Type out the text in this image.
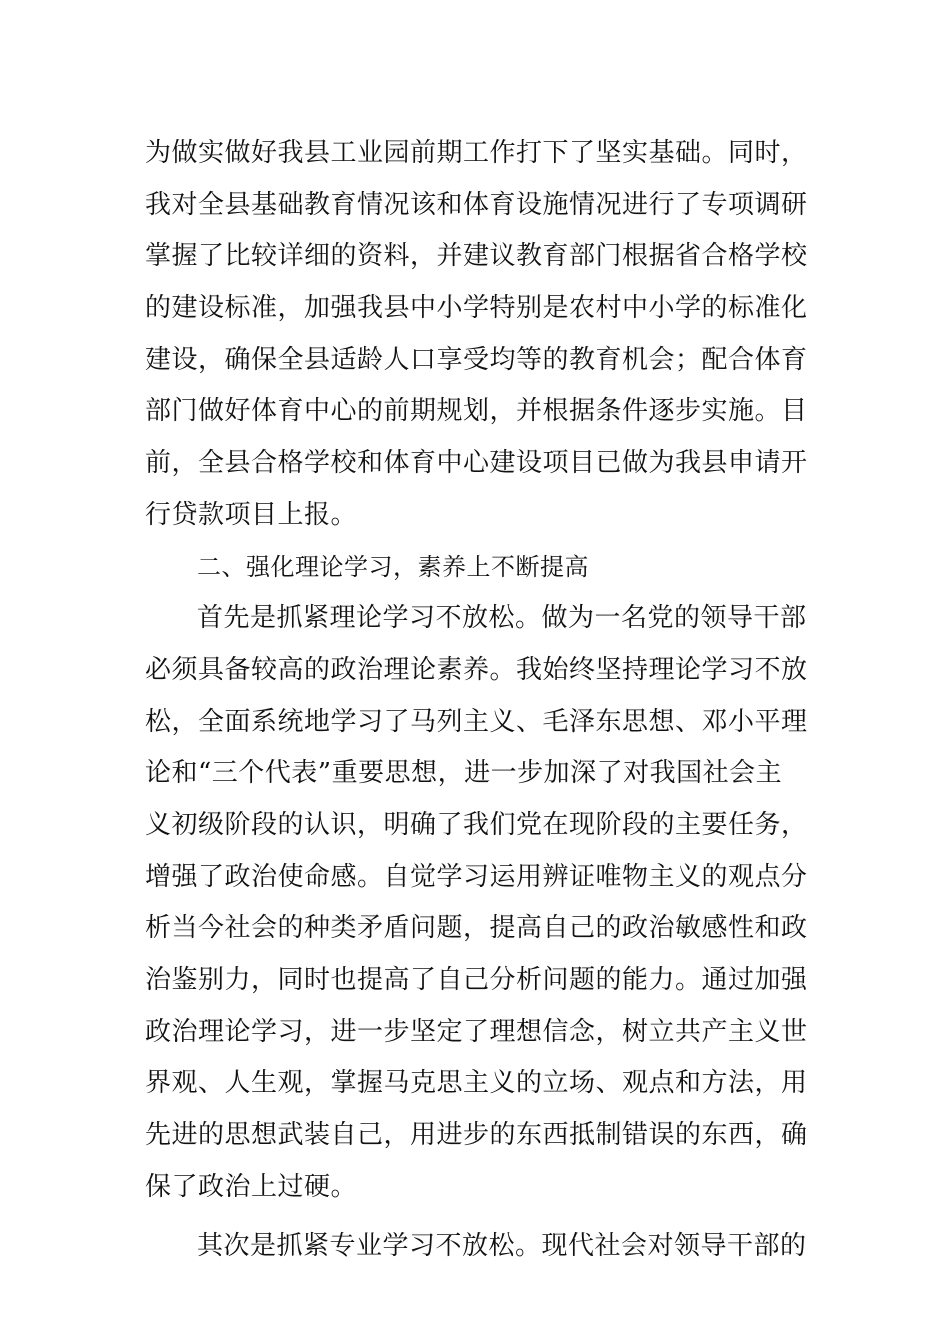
为做实做好我县工业园前期工作打下了坚实基础。同时，
我对全县基础教育情况该和体育设施情况进行了专项调研
掌握了比较详细的资料，并建议教育部门根据省合格学校
的建设标准，加强我县中小学特别是农村中小学的标准化
建设，确保全县适龄人口享受均等的教育机会；配合体育
部门做好体育中心的前期规划，并根据条件逐步实施。目
前，全县合格学校和体育中心建设项目已做为我县申请开
行贷款项目上报。
二、强化理论学习，素养上不断提高
首先是抓紧理论学习不放松。做为一名党的领导干部
必须具备较高的政治理论素养。我始终坚持理论学习不放
松，全面系统地学习了马列主义、毛泽东思想、邓小平理
论和“三个代表”重要思想，进一步加深了对我国社会主
义初级阶段的认识，明确了我们党在现阶段的主要任务，
增强了政治使命感。自觉学习运用辨证唯物主义的观点分
析当今社会的种类矛盾问题，提高自己的政治敏感性和政
治鉴别力，同时也提高了自己分析问题的能力。通过加强
政治理论学习，进一步坚定了理想信念，树立共产主义世
界观、人生观，掌握马克思主义的立场、观点和方法，用
先进的思想武装自己，用进步的东西抵制错误的东西，确
保了政治上过硬。
其次是抓紧专业学习不放松。现代社会对领导干部的
